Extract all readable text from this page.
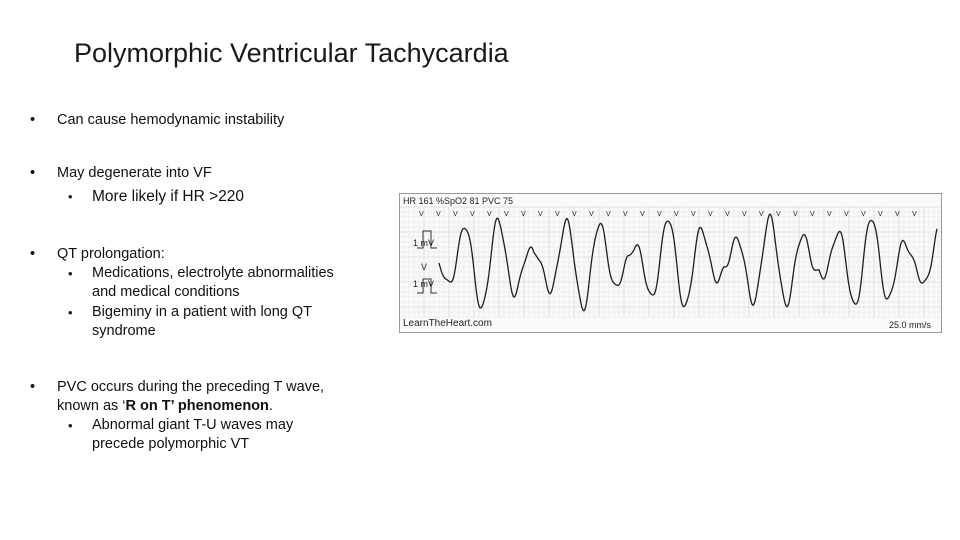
Polymorphic Ventricular Tachycardia
• Can cause hemodynamic instability
• May degenerate into VF
• More likely if HR >220
• QT prolongation:
• Medications, electrolyte abnormalities and medical conditions
• Bigeminy in a patient with long QT syndrome
• PVC occurs during the preceding T wave, known as ‘R on T’ phenomenon.
• Abnormal giant T-U waves may precede polymorphic VT
V V V V V V V V V V V V V V V V V V V V V V V V V V V V V V
HR 161 %SpO2 81 PVC 75
1 mV
V
1 mV
LearnTheHeart.com	25.0 mm/s
